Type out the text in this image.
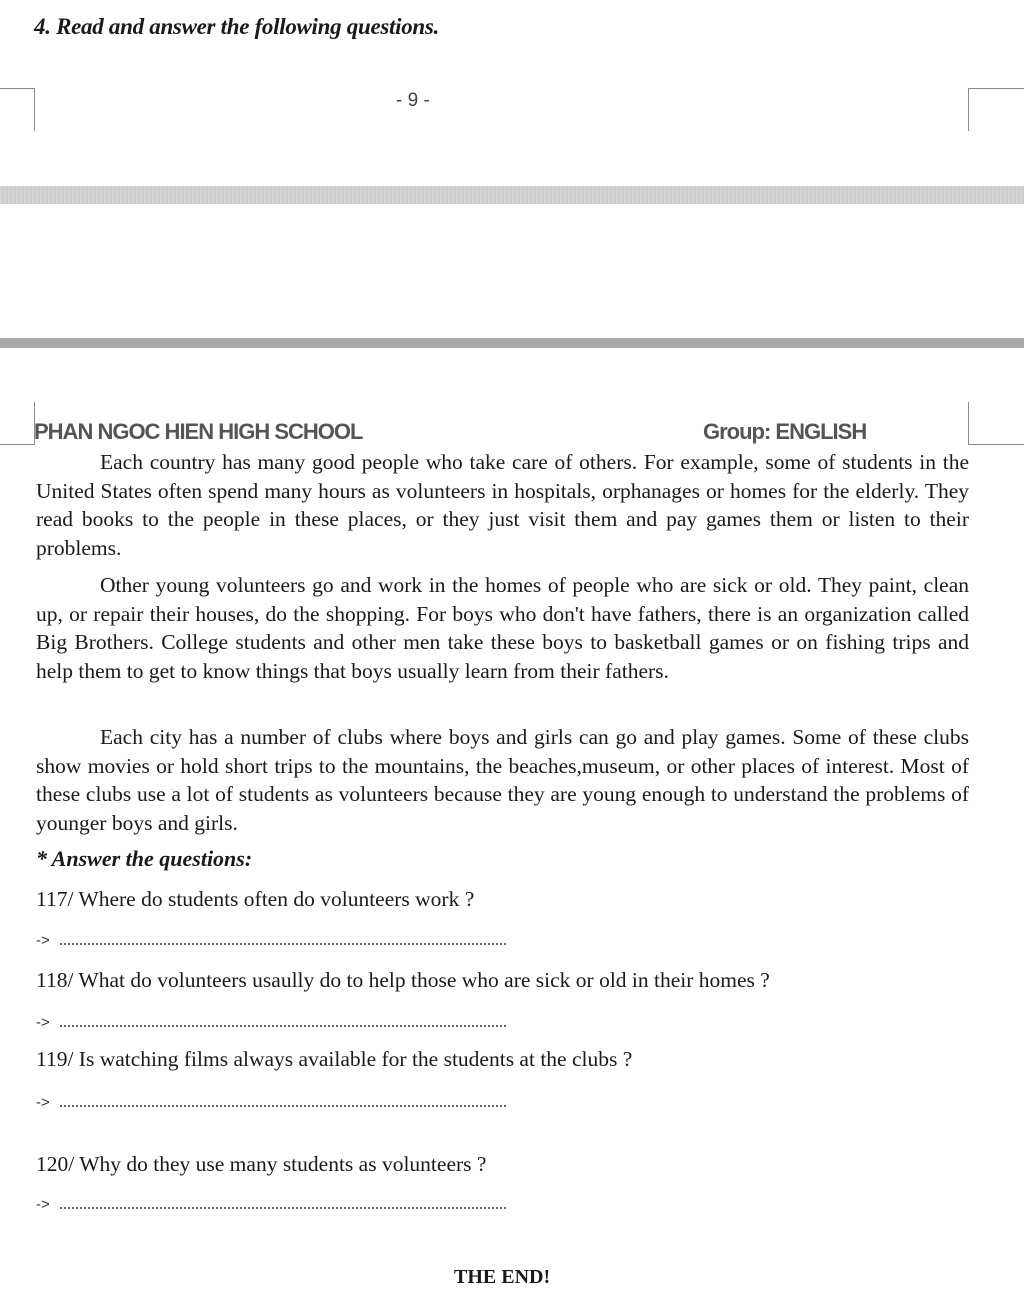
4. Read and answer the following questions.
- 9 -
PHAN NGOC HIEN HIGH SCHOOL	Group: ENGLISH

Each country has many good people who take care of others. For example, some of students in the United States often spend many hours as volunteers in hospitals, orphanages or homes for the elderly. They read books to the people in these places, or they just visit them and pay games them or listen to their problems.

Other young volunteers go and work in the homes of people who are sick or old. They paint, clean up, or repair their houses, do the shopping. For boys who don't have fathers, there is an organization called Big Brothers. College students and other men take these boys to basketball games or on fishing trips and help them to get to know things that boys usually learn from their fathers.

Each city has a number of clubs where boys and girls can go and play games. Some of these clubs show movies or hold short trips to the mountains, the beaches,museum, or other places of interest. Most of these clubs use a lot of students as volunteers because they are young enough to understand the problems of younger boys and girls.

* Answer the questions:
117/ Where do students often do volunteers work ?
->
118/ What do volunteers usaully do to help those who are sick or old in their homes ?
->
119/ Is watching films always available for the students at the clubs ?
->
120/ Why do they use many students as volunteers ?
->
THE END!
